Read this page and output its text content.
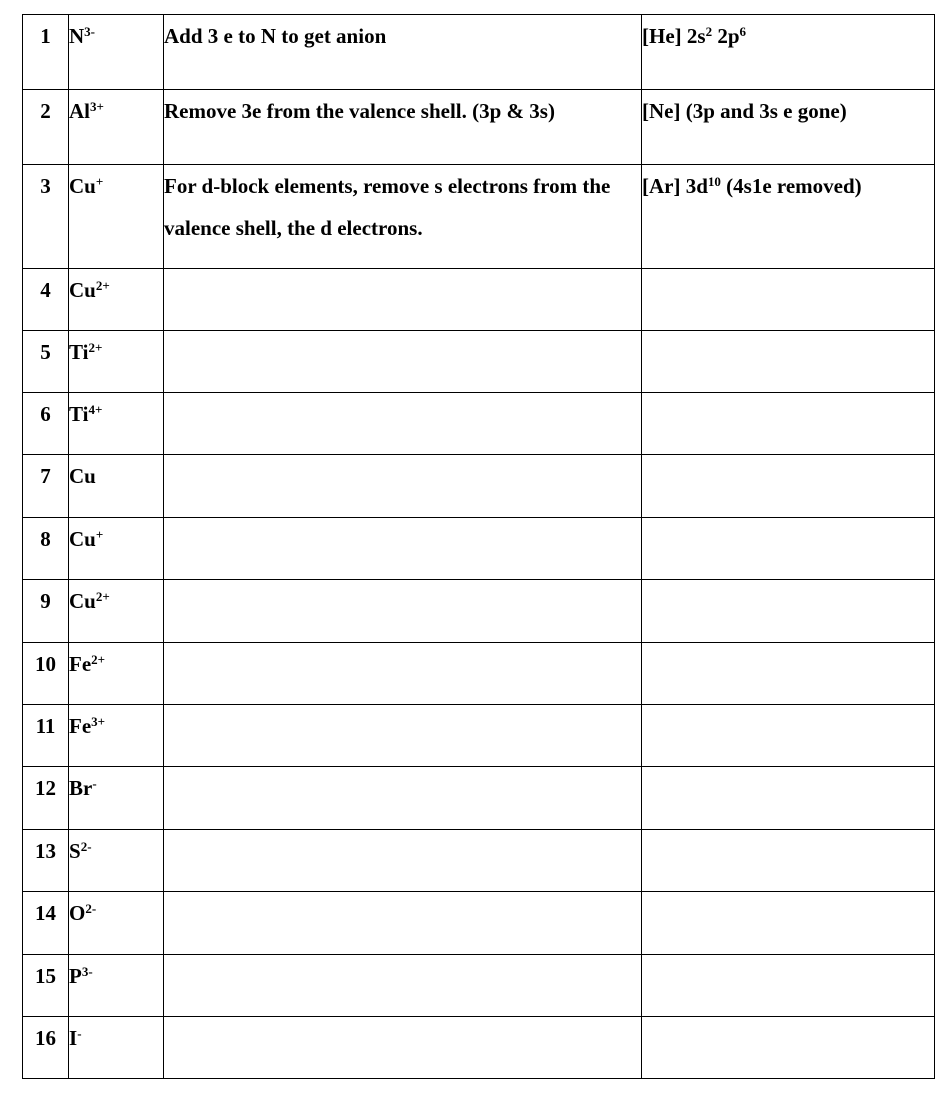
1	$N^{3-}$	Add 3 e to N to get anion	[He] $2s^2$ $2p^6$
2	$Al^{3+}$	Remove 3e from the valence shell. (3p & 3s)	[Ne] (3p and 3s e gone)
3	Cu+	For d-block elements, remove s electrons from the valence shell, the d electrons.	[Ar] $3d^{10}$ (4s1e removed)
4	$Cu^{2+}$		
5	$Ti^{2+}$		
6	$Ti^{4+}$		
7	Cu		
8	Cu+		
9	$Cu^{2+}$		
10	$Fe^{2+}$		
11	$Fe^{3+}$		
12	Br-		
13	$S^{2-}$		
14	$O^{2-}$		
15	$P^{3-}$		
16	I-		
